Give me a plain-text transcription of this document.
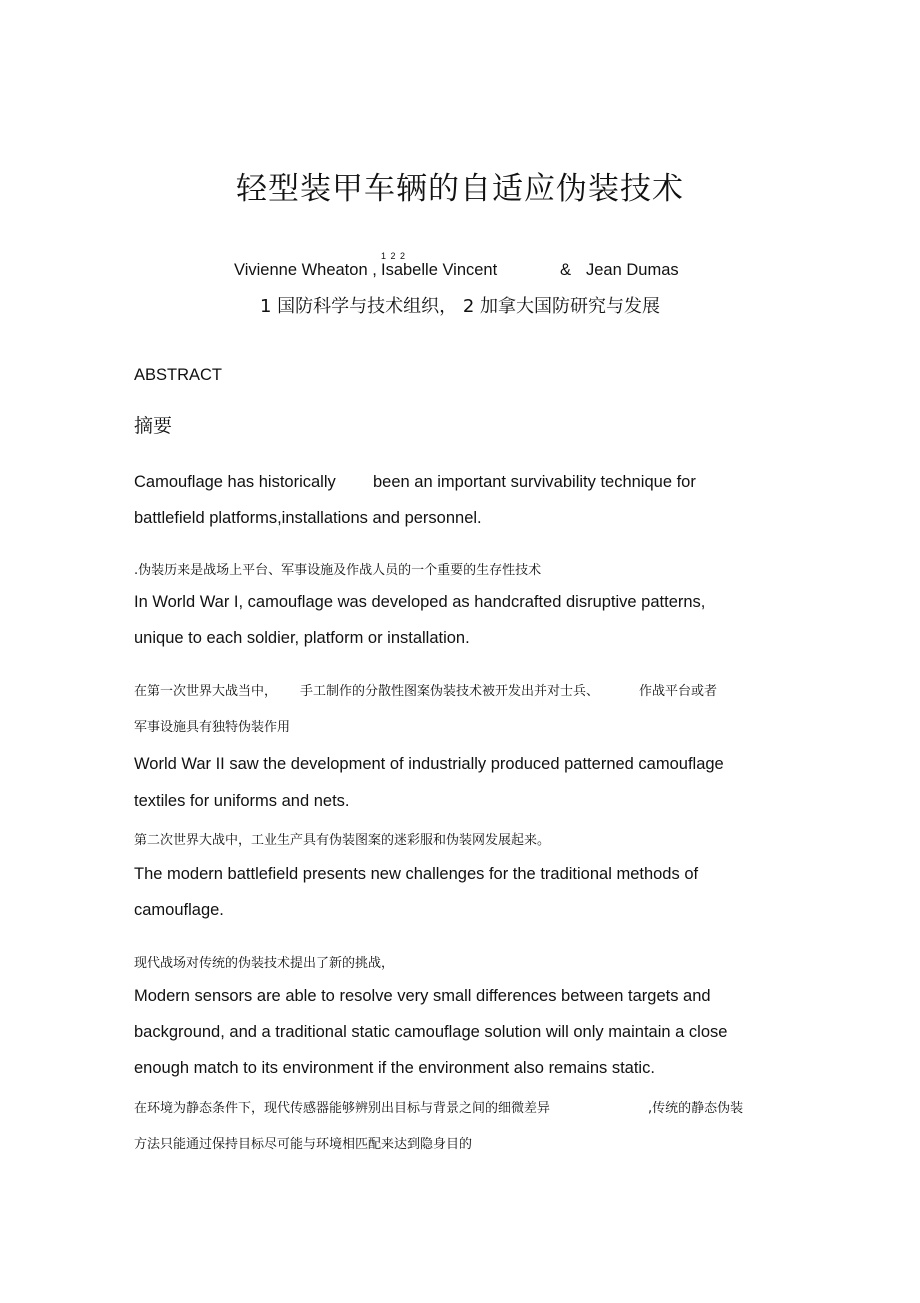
轻型装甲车辆的自适应伪装技术
1 2 2
Vivienne Wheaton , Isabelle Vincent	& Jean Dumas
1 国防科学与技术组织， 2 加拿大国防研究与发展
ABSTRACT
摘要
Camouflage has historically been an important survivability technique for
battlefield platforms,installations and personnel.
.伪装历来是战场上平台、军事设施及作战人员的一个重要的生存性技术
In World War I, camouflage was developed as handcrafted disruptive patterns,
unique to each soldier, platform or installation.
在第一次世界大战当中， 手工制作的分散性图案伪装技术被开发出并对士兵、	作战平台或者
军事设施具有独特伪装作用
World War II saw the development of industrially produced patterned camouflage
textiles for uniforms and nets.
第二次世界大战中，工业生产具有伪装图案的迷彩服和伪装网发展起来。
The modern battlefield presents new challenges for the traditional methods of
camouflage.
现代战场对传统的伪装技术提出了新的挑战，
Modern sensors are able to resolve very small differences between targets and
background, and a traditional static camouflage solution will only maintain a close
enough match to its environment if the environment also remains static.
在环境为静态条件下，现代传感器能够辨别出目标与背景之间的细微差异	,传统的静态伪装
方法只能通过保持目标尽可能与环境相匹配来达到隐身目的
